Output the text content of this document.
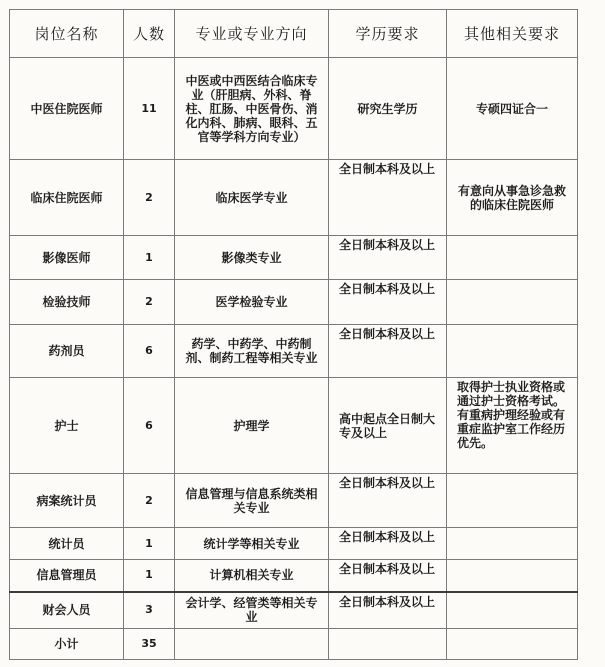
岗位名称	人数	专业或专业方向	学历要求	其他相关要求
中医住院医师	11	中医或中西医结合临床专业（肝胆病、外科、脊柱、肛肠、中医骨伤、消化内科、肺病、眼科、五官等学科方向专业）	研究生学历	专硕四证合一
临床住院医师	2	临床医学专业	全日制本科及以上	有意向从事急诊急救的临床住院医师
影像医师	1	影像类专业	全日制本科及以上	
检验技师	2	医学检验专业	全日制本科及以上	
药剂员	6	药学、中药学、中药制剂、制药工程等相关专业	全日制本科及以上	
护士	6	护理学	高中起点全日制大专及以上	取得护士执业资格或通过护士资格考试。有重病护理经验或有重症监护室工作经历优先。
病案统计员	2	信息管理与信息系统类相关专业	全日制本科及以上	
统计员	1	统计学等相关专业	全日制本科及以上	
信息管理员	1	计算机相关专业	全日制本科及以上	
财会人员	3	会计学、经管类等相关专业	全日制本科及以上	
小计	35			
